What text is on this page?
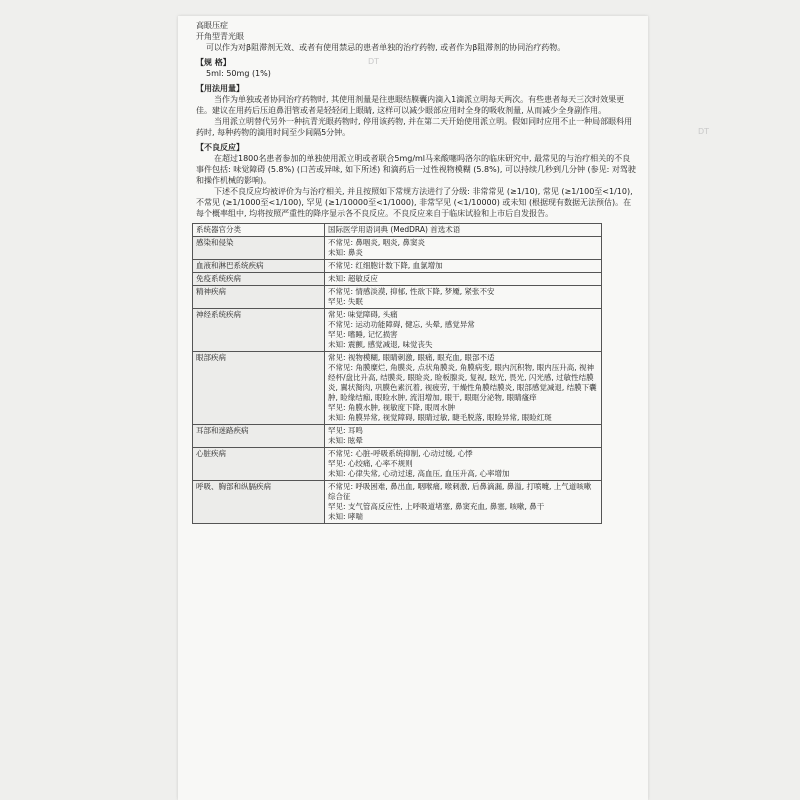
DT
DT

高眼压症

开角型青光眼

可以作为对β阻滞剂无效、或者有使用禁忌的患者单独的治疗药物, 或者作为β阻滞剂的协同治疗药物。

【规 格】

5ml: 50mg (1%)

【用法用量】

当作为单独或者协同治疗药物时, 其使用剂量是往患眼结膜囊内滴入1滴派立明每天两次。有些患者每天三次时效果更佳。建议在用药后压迫鼻泪管或者是轻轻闭上眼睛, 这样可以减少眼部应用时全身的吸收剂量, 从而减少全身副作用。

当用派立明替代另外一种抗青光眼药物时, 停用该药物, 并在第二天开始使用派立明。假如同时应用不止一种局部眼科用药时, 每种药物的滴用时间至少间隔5分钟。

【不良反应】

在超过1800名患者参加的单独使用派立明或者联合5mg/ml马来酸噻吗洛尔的临床研究中, 最常见的与治疗相关的不良事件包括: 味觉障碍 (5.8%) (口苦或异味, 如下所述) 和滴药后一过性视物模糊 (5.8%), 可以持续几秒到几分钟 (参见: 对驾驶和操作机械的影响)。

下述不良反应均被评价为与治疗相关, 并且按照如下常规方法进行了分级: 非常常见 (≥1/10), 常见 (≥1/100至<1/10), 不常见 (≥1/1000至<1/100), 罕见 (≥1/10000至<1/1000), 非常罕见 (<1/10000) 或未知 (根据现有数据无法预估)。在每个概率组中, 均将按照严重性的降序显示各不良反应。不良反应来自于临床试验和上市后自发报告。

系统器官分类	国际医学用语词典 (MedDRA) 首选术语
感染和侵染	不常见: 鼻咽炎, 咽炎, 鼻窦炎
未知: 鼻炎

血液和淋巴系统疾病	不常见: 红细胞计数下降, 血氯增加

免疫系统疾病	未知: 超敏反应

精神疾病	不常见: 情感淡漠, 抑郁, 性欲下降, 梦魇, 紧张不安
罕见: 失眠

神经系统疾病	常见: 味觉障碍, 头痛
不常见: 运动功能障碍, 健忘, 头晕, 感觉异常
罕见: 嗜睡, 记忆损害
未知: 震颤, 感觉减退, 味觉丧失

眼部疾病	常见: 视物模糊, 眼睛刺激, 眼痛, 眼充血, 眼部不适
不常见: 角膜糜烂, 角膜炎, 点状角膜炎, 角膜病变, 眼内沉积物, 眼内压升高, 视神经杯/盘比升高, 结膜炎, 眼睑炎, 睑板腺炎, 复视, 眩光, 畏光, 闪光感, 过敏性结膜炎, 翼状胬肉, 巩膜色素沉着, 视疲劳, 干燥性角膜结膜炎, 眼部感觉减退, 结膜下囊肿, 睑缘结痂, 眼睑水肿, 流泪增加, 眼干, 眼眶分泌物, 眼睛瘙痒
罕见: 角膜水肿, 视敏度下降, 眼周水肿
未知: 角膜异常, 视觉障碍, 眼睛过敏, 睫毛脱落, 眼睑异常, 眼睑红斑

耳部和迷路疾病	罕见: 耳鸣
未知: 眩晕

心脏疾病	不常见: 心脏-呼吸系统抑制, 心动过缓, 心悸
罕见: 心绞痛, 心率不规则
未知: 心律失常, 心动过速, 高血压, 血压升高, 心率增加

呼吸、胸部和纵膈疾病	不常见: 呼吸困难, 鼻出血, 咽喉痛, 喉刺激, 后鼻滴漏, 鼻溢, 打喷嚏, 上气道咳嗽综合征
罕见: 支气管高反应性, 上呼吸道堵塞, 鼻窦充血, 鼻塞, 咳嗽, 鼻干
未知: 哮喘
